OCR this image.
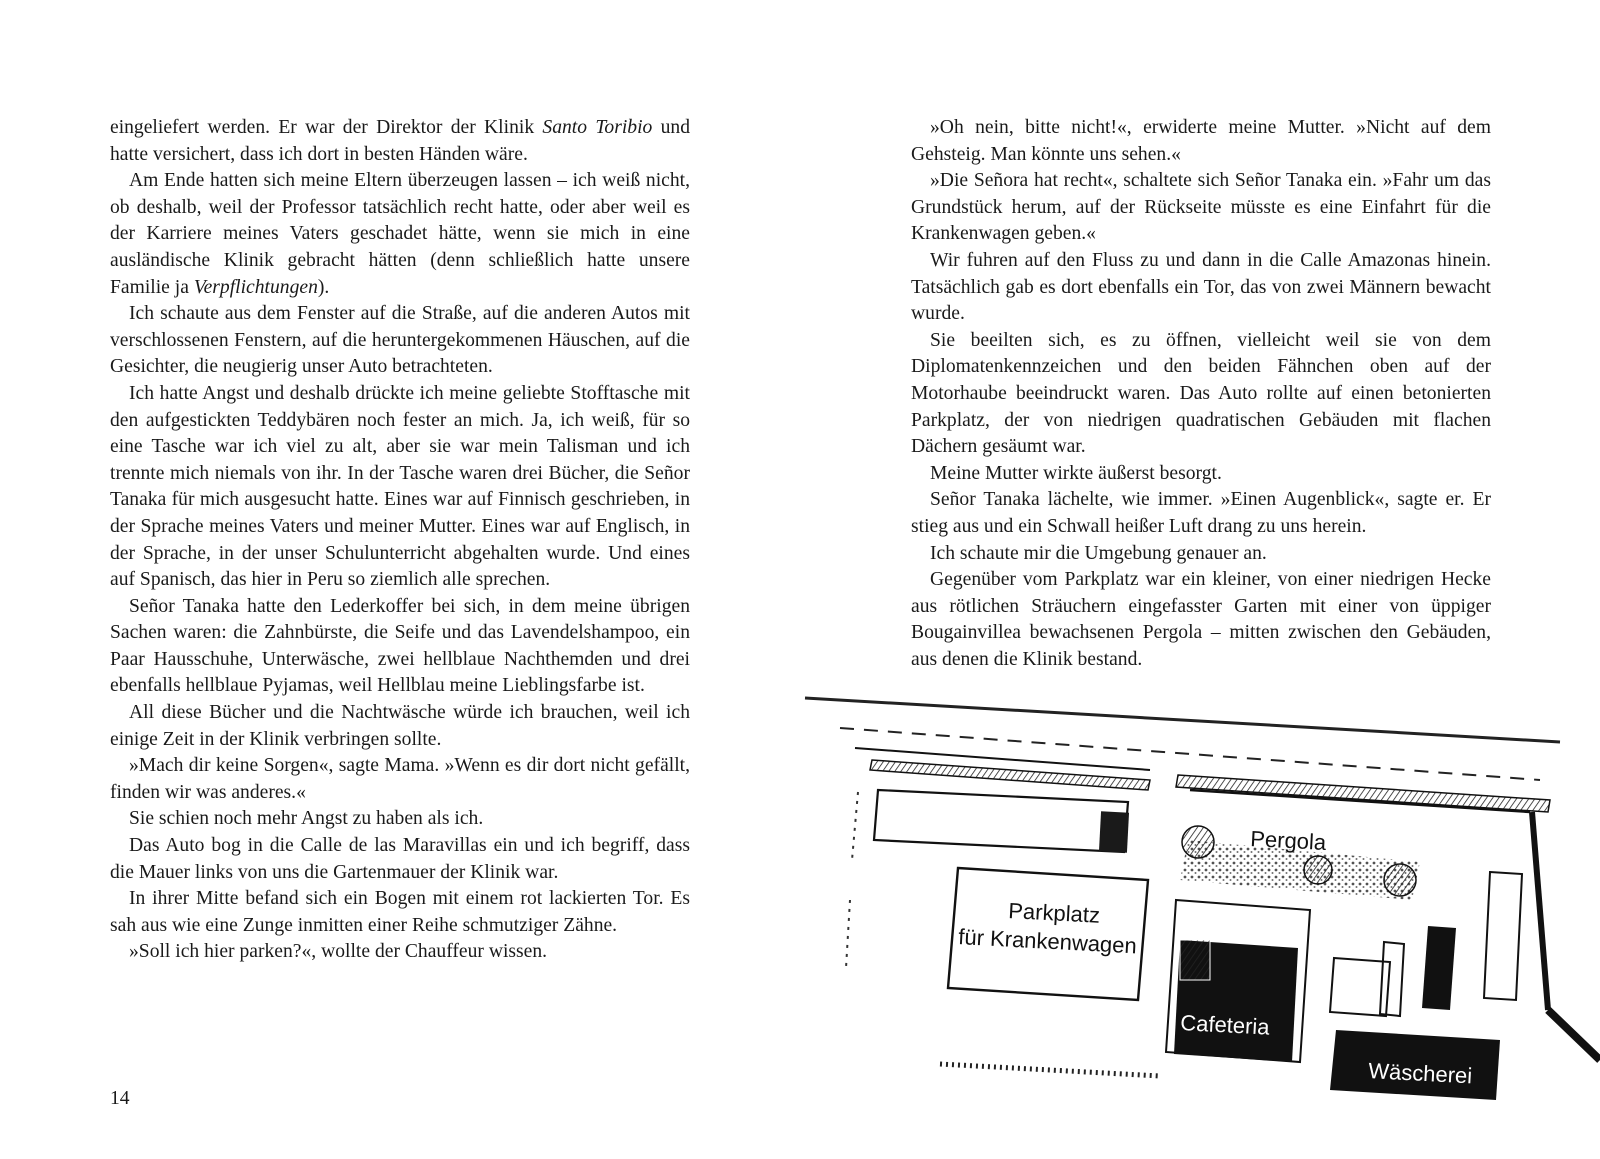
eingeliefert werden. Er war der Direktor der Klinik Santo Toribio und hatte versichert, dass ich dort in besten Händen wäre.

Am Ende hatten sich meine Eltern überzeugen lassen – ich weiß nicht, ob deshalb, weil der Professor tatsächlich recht hatte, oder aber weil es der Karriere meines Vaters geschadet hätte, wenn sie mich in eine ausländische Klinik gebracht hätten (denn schließlich hatte unsere Familie ja Verpflichtungen).

Ich schaute aus dem Fenster auf die Straße, auf die anderen Autos mit verschlossenen Fenstern, auf die heruntergekommenen Häuschen, auf die Gesichter, die neugierig unser Auto betrachteten.

Ich hatte Angst und deshalb drückte ich meine geliebte Stofftasche mit den aufgestickten Teddybären noch fester an mich. Ja, ich weiß, für so eine Tasche war ich viel zu alt, aber sie war mein Talisman und ich trennte mich niemals von ihr. In der Tasche waren drei Bücher, die Señor Tanaka für mich ausgesucht hatte. Eines war auf Finnisch geschrieben, in der Sprache meines Vaters und meiner Mutter. Eines war auf Englisch, in der Sprache, in der unser Schulunterricht abgehalten wurde. Und eines auf Spanisch, das hier in Peru so ziemlich alle sprechen.

Señor Tanaka hatte den Lederkoffer bei sich, in dem meine übrigen Sachen waren: die Zahnbürste, die Seife und das Lavendelshampoo, ein Paar Hausschuhe, Unterwäsche, zwei hellblaue Nachthemden und drei ebenfalls hellblaue Pyjamas, weil Hellblau meine Lieblingsfarbe ist.

All diese Bücher und die Nachtwäsche würde ich brauchen, weil ich einige Zeit in der Klinik verbringen sollte.

»Mach dir keine Sorgen«, sagte Mama. »Wenn es dir dort nicht gefällt, finden wir was anderes.«

Sie schien noch mehr Angst zu haben als ich.

Das Auto bog in die Calle de las Maravillas ein und ich begriff, dass die Mauer links von uns die Gartenmauer der Klinik war.

In ihrer Mitte befand sich ein Bogen mit einem rot lackierten Tor. Es sah aus wie eine Zunge inmitten einer Reihe schmutziger Zähne.

»Soll ich hier parken?«, wollte der Chauffeur wissen.

14

»Oh nein, bitte nicht!«, erwiderte meine Mutter. »Nicht auf dem Gehsteig. Man könnte uns sehen.«

»Die Señora hat recht«, schaltete sich Señor Tanaka ein. »Fahr um das Grundstück herum, auf der Rückseite müsste es eine Einfahrt für die Krankenwagen geben.«

Wir fuhren auf den Fluss zu und dann in die Calle Amazonas hinein. Tatsächlich gab es dort ebenfalls ein Tor, das von zwei Männern bewacht wurde.

Sie beeilten sich, es zu öffnen, vielleicht weil sie von dem Diplomatenkennzeichen und den beiden Fähnchen oben auf der Motorhaube beeindruckt waren. Das Auto rollte auf einen betonierten Parkplatz, der von niedrigen quadratischen Gebäuden mit flachen Dächern gesäumt war.

Meine Mutter wirkte äußerst besorgt.

Señor Tanaka lächelte, wie immer. »Einen Augenblick«, sagte er. Er stieg aus und ein Schwall heißer Luft drang zu uns herein.

Ich schaute mir die Umgebung genauer an.

Gegenüber vom Parkplatz war ein kleiner, von einer niedrigen Hecke aus rötlichen Sträuchern eingefasster Garten mit einer von üppiger Bougainvillea bewachsenen Pergola – mitten zwischen den Gebäuden, aus denen die Klinik bestand.

Pergola
Parkplatz
für Krankenwagen
Cafeteria
Wäscherei
